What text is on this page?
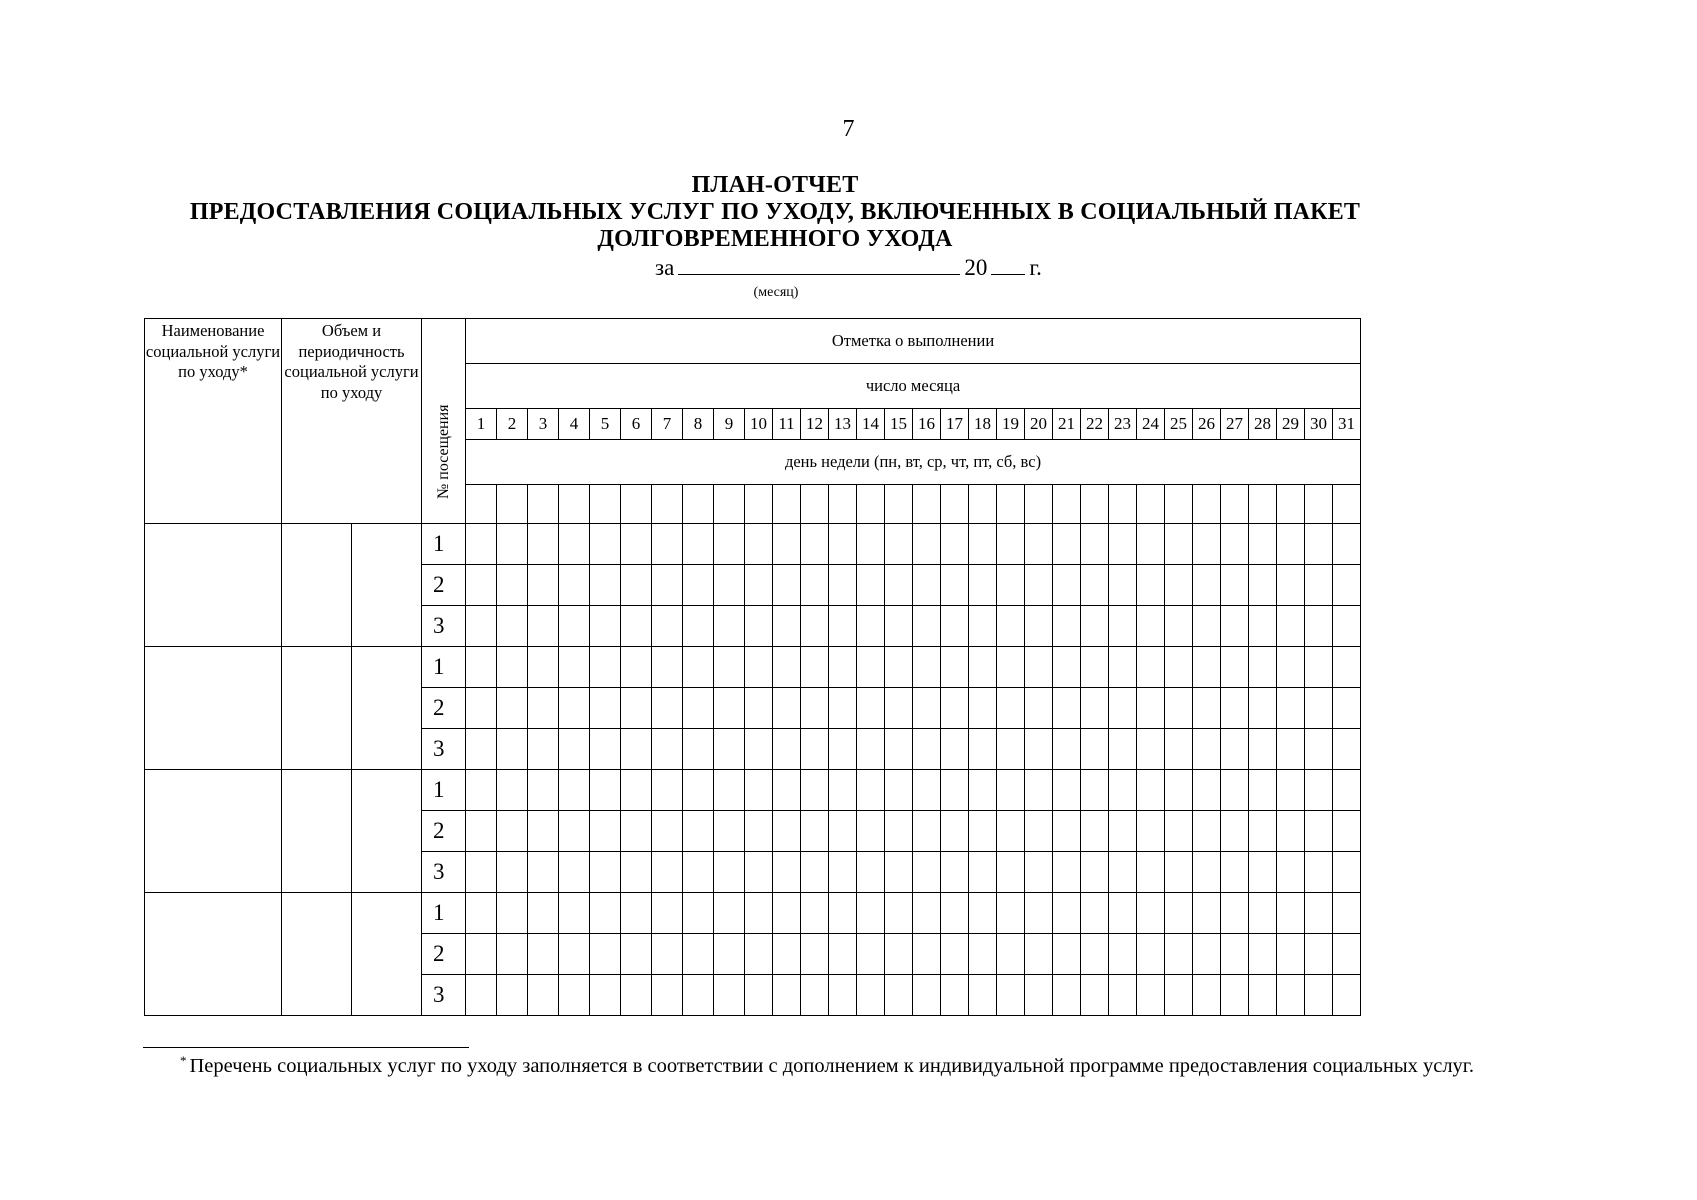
7
ПЛАН-ОТЧЕТ
ПРЕДОСТАВЛЕНИЯ СОЦИАЛЬНЫХ УСЛУГ ПО УХОДУ, ВКЛЮЧЕННЫХ В СОЦИАЛЬНЫЙ ПАКЕТ
ДОЛГОВРЕМЕННОГО УХОДА
за	20 г.
(месяц)
Наименование социальной услуги по уходу*	Объем и периодичность социальной услуги по уходу		№ посещения	Отметка о выполнении																														
				число месяца																														
				1	2	3	4	5	6	7	8	9	10	11	12	13	14	15	16	17	18	19	20	21	22	23	24	25	26	27	28	29	30	31
				день недели (пн, вт, ср, чт, пт, сб, вс)																														

			1																															
			2																															
			3																															
			1																															
			2																															
			3																															
			1																															
			2																															
			3																															
			1																															
			2																															
			3																															
* Перечень социальных услуг по уходу заполняется в соответствии с дополнением к индивидуальной программе предоставления социальных услуг.
